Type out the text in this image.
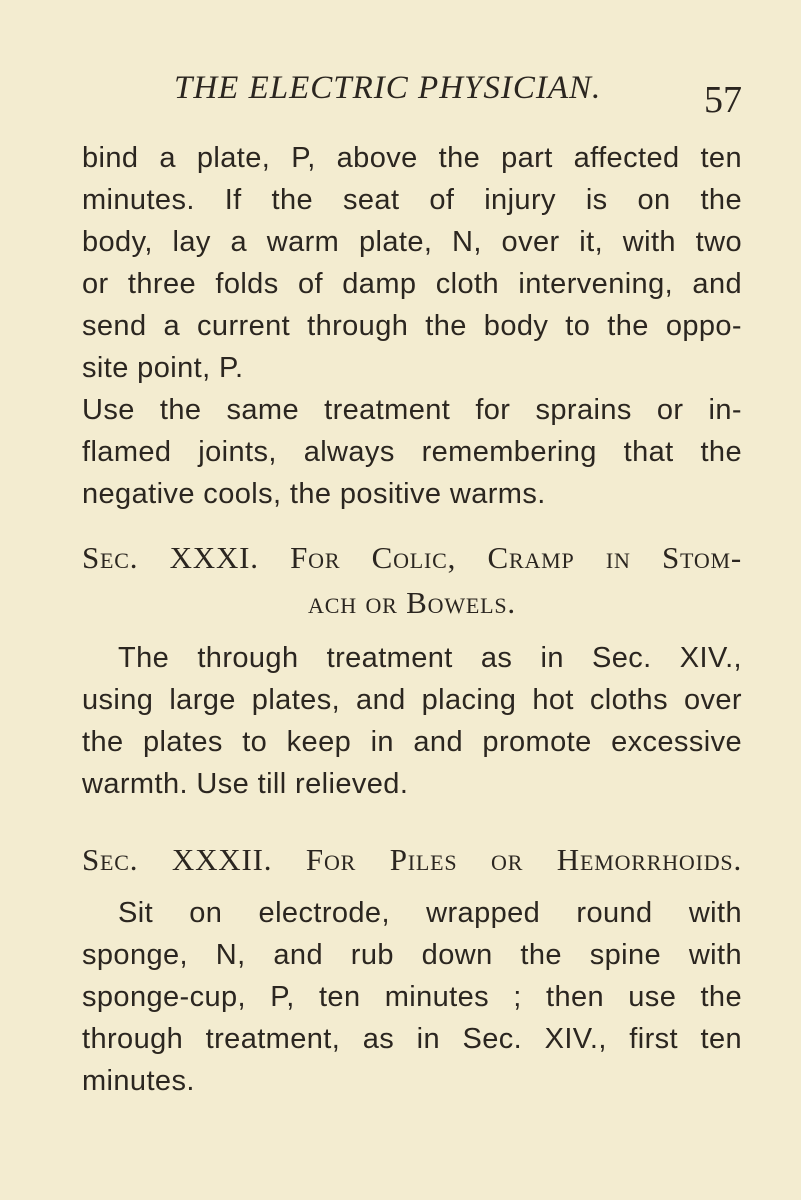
THE ELECTRIC PHYSICIAN.	57
bind a plate, P, above the part affected ten
minutes. If the seat of injury is on the
body, lay a warm plate, N, over it, with two
or three folds of damp cloth intervening, and
send a current through the body to the oppo-
site point, P.
Use the same treatment for sprains or in-
flamed joints, always remembering that the
negative cools, the positive warms.
Sec. XXXI. For Colic, Cramp in Stom-
ach or Bowels.
The through treatment as in Sec. XIV.,
using large plates, and placing hot cloths over
the plates to keep in and promote excessive
warmth. Use till relieved.
Sec. XXXII. For Piles or Hemorrhoids.
Sit on electrode, wrapped round with
sponge, N, and rub down the spine with
sponge-cup, P, ten minutes ; then use the
through treatment, as in Sec. XIV., first ten
minutes.
